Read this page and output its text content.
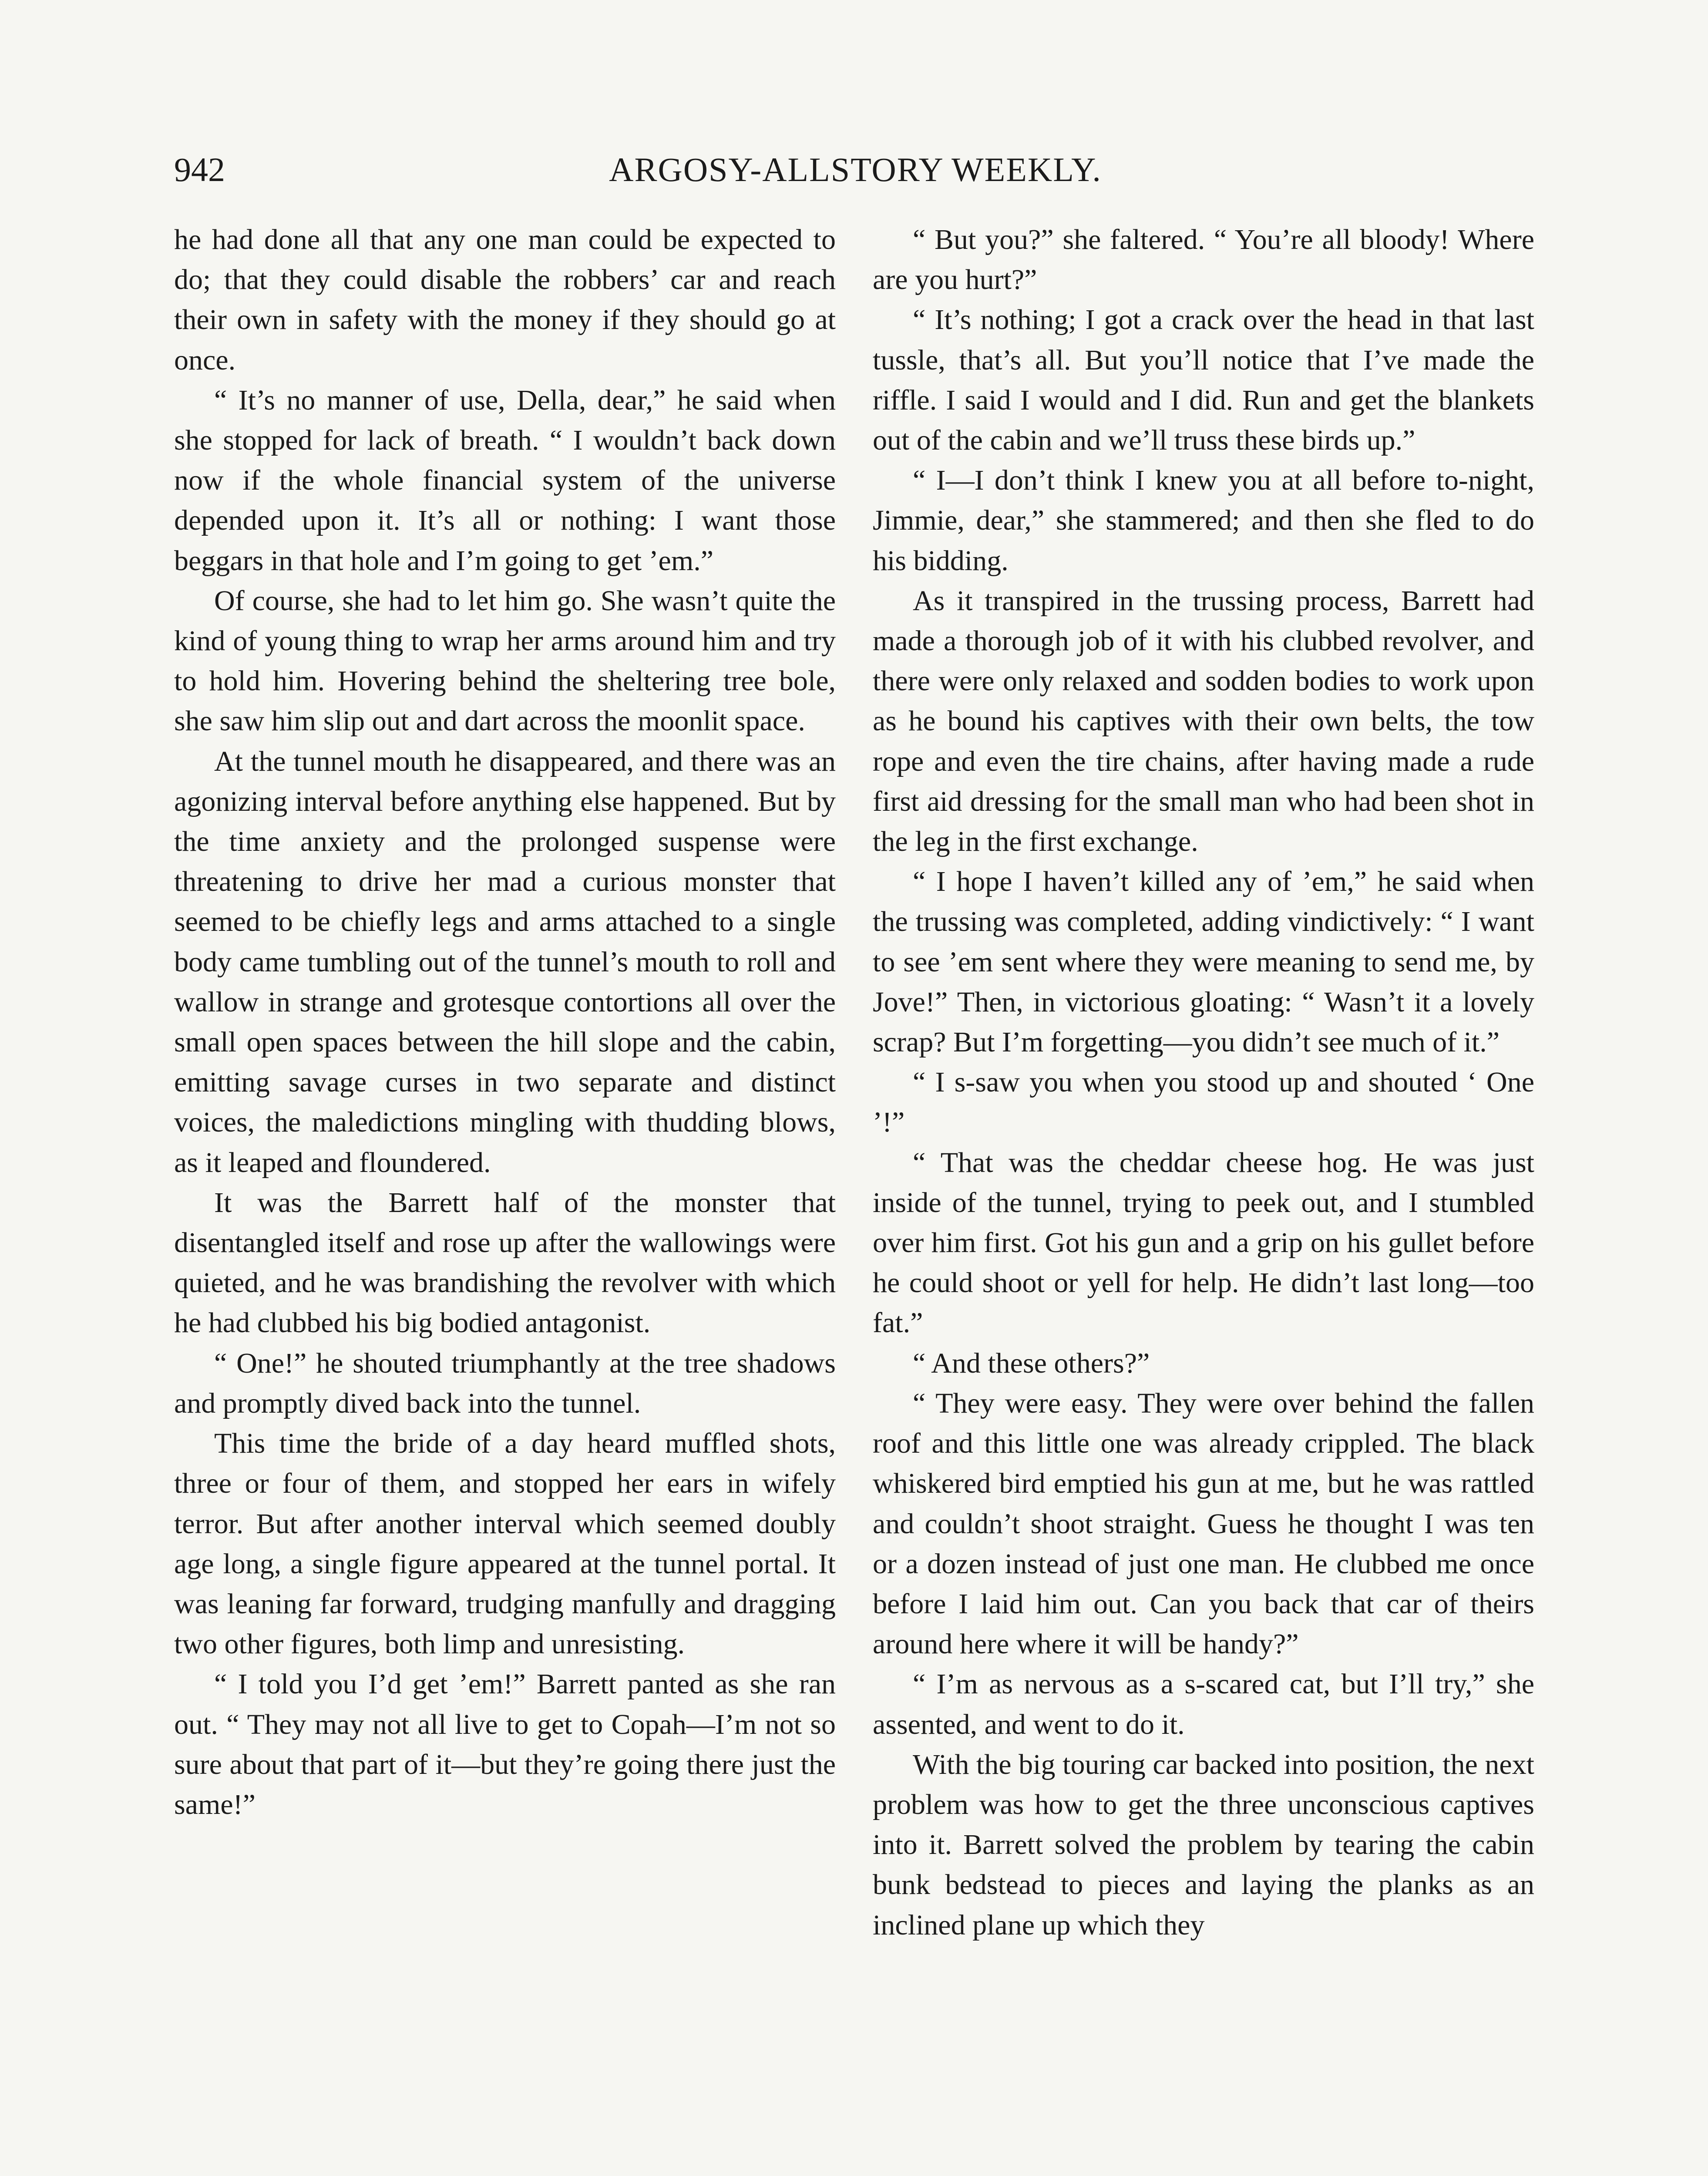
942	ARGOSY-ALLSTORY WEEKLY.

he had done all that any one man could be expected to do; that they could disable the robbers’ car and reach their own in safety with the money if they should go at once.

“ It’s no manner of use, Della, dear,” he said when she stopped for lack of breath. “ I wouldn’t back down now if the whole financial system of the universe depended upon it. It’s all or nothing: I want those beggars in that hole and I’m going to get ’em.”

Of course, she had to let him go. She wasn’t quite the kind of young thing to wrap her arms around him and try to hold him. Hovering behind the sheltering tree bole, she saw him slip out and dart across the moonlit space.

At the tunnel mouth he disappeared, and there was an agonizing interval before anything else happened. But by the time anxiety and the prolonged suspense were threatening to drive her mad a curious monster that seemed to be chiefly legs and arms attached to a single body came tumbling out of the tunnel’s mouth to roll and wallow in strange and grotesque contortions all over the small open spaces between the hill slope and the cabin, emitting savage curses in two separate and distinct voices, the maledictions mingling with thudding blows, as it leaped and floundered.

It was the Barrett half of the monster that disentangled itself and rose up after the wallowings were quieted, and he was brandishing the revolver with which he had clubbed his big bodied antagonist.

“ One!” he shouted triumphantly at the tree shadows and promptly dived back into the tunnel.

This time the bride of a day heard muffled shots, three or four of them, and stopped her ears in wifely terror. But after another interval which seemed doubly age long, a single figure appeared at the tunnel portal. It was leaning far forward, trudging manfully and dragging two other figures, both limp and unresisting.

“ I told you I’d get ’em!” Barrett panted as she ran out. “ They may not all live to get to Copah—I’m not so sure about that part of it—but they’re going there just the same!”

“ But you?” she faltered. “ You’re all bloody! Where are you hurt?”

“ It’s nothing; I got a crack over the head in that last tussle, that’s all. But you’ll notice that I’ve made the riffle. I said I would and I did. Run and get the blankets out of the cabin and we’ll truss these birds up.”

“ I—I don’t think I knew you at all before to-night, Jimmie, dear,” she stammered; and then she fled to do his bidding.

As it transpired in the trussing process, Barrett had made a thorough job of it with his clubbed revolver, and there were only relaxed and sodden bodies to work upon as he bound his captives with their own belts, the tow rope and even the tire chains, after having made a rude first aid dressing for the small man who had been shot in the leg in the first exchange.

“ I hope I haven’t killed any of ’em,” he said when the trussing was completed, adding vindictively: “ I want to see ’em sent where they were meaning to send me, by Jove!” Then, in victorious gloating: “ Wasn’t it a lovely scrap? But I’m forgetting—you didn’t see much of it.”

“ I s-saw you when you stood up and shouted ‘ One ’!”

“ That was the cheddar cheese hog. He was just inside of the tunnel, trying to peek out, and I stumbled over him first. Got his gun and a grip on his gullet before he could shoot or yell for help. He didn’t last long—too fat.”

“ And these others?”

“ They were easy. They were over behind the fallen roof and this little one was already crippled. The black whiskered bird emptied his gun at me, but he was rattled and couldn’t shoot straight. Guess he thought I was ten or a dozen instead of just one man. He clubbed me once before I laid him out. Can you back that car of theirs around here where it will be handy?”

“ I’m as nervous as a s-scared cat, but I’ll try,” she assented, and went to do it.

With the big touring car backed into position, the next problem was how to get the three unconscious captives into it. Barrett solved the problem by tearing the cabin bunk bedstead to pieces and laying the planks as an inclined plane up which they
